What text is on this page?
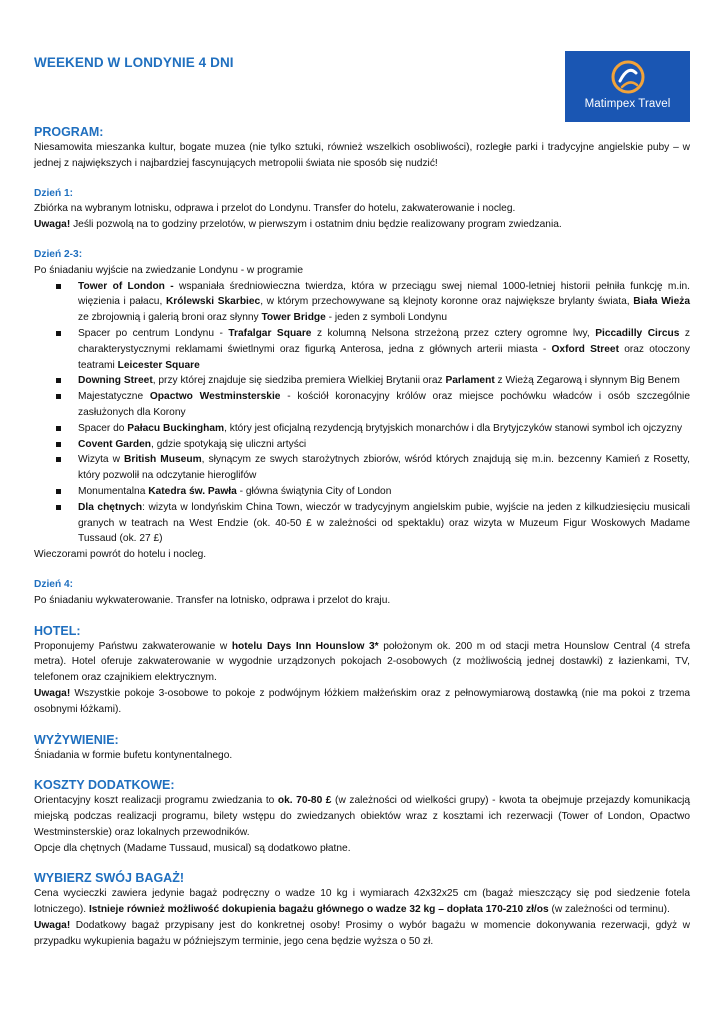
WEEKEND W LONDYNIE 4 DNI
Matimpex Travel
PROGRAM:

Niesamowita mieszanka kultur, bogate muzea (nie tylko sztuki, również wszelkich osobliwości), rozległe parki i tradycyjne angielskie puby – w jednej z największych i najbardziej fascynujących metropolii świata nie sposób się nudzić!

Dzień 1:

Zbiórka na wybranym lotnisku, odprawa i przelot do Londynu. Transfer do hotelu, zakwaterowanie i nocleg.

Uwaga! Jeśli pozwolą na to godziny przelotów, w pierwszym i ostatnim dniu będzie realizowany program zwiedzania.

Dzień 2-3:

Po śniadaniu wyjście na zwiedzanie Londynu - w programie

Tower of London - wspaniała średniowieczna twierdza, która w przeciągu swej niemal 1000-letniej historii pełniła funkcję m.in. więzienia i pałacu, Królewski Skarbiec, w którym przechowywane są klejnoty koronne oraz największe brylanty świata, Biała Wieża ze zbrojownią i galerią broni oraz słynny Tower Bridge - jeden z symboli Londynu
Spacer po centrum Londynu - Trafalgar Square z kolumną Nelsona strzeżoną przez cztery ogromne lwy, Piccadilly Circus z charakterystycznymi reklamami świetlnymi oraz figurką Anterosa, jedna z głównych arterii miasta - Oxford Street oraz otoczony teatrami Leicester Square
Downing Street, przy której znajduje się siedziba premiera Wielkiej Brytanii oraz Parlament z Wieżą Zegarową i słynnym Big Benem
Majestatyczne Opactwo Westminsterskie - kościół koronacyjny królów oraz miejsce pochówku władców i osób szczególnie zasłużonych dla Korony
Spacer do Pałacu Buckingham, który jest oficjalną rezydencją brytyjskich monarchów i dla Brytyjczyków stanowi symbol ich ojczyzny
Covent Garden, gdzie spotykają się uliczni artyści
Wizyta w British Museum, słynącym ze swych starożytnych zbiorów, wśród których znajdują się m.in. bezcenny Kamień z Rosetty, który pozwolił na odczytanie hieroglifów
Monumentalna Katedra św. Pawła - główna świątynia City of London
Dla chętnych: wizyta w londyńskim China Town, wieczór w tradycyjnym angielskim pubie, wyjście na jeden z kilkudziesięciu musicali granych w teatrach na West Endzie (ok. 40-50 £ w zależności od spektaklu) oraz wizyta w Muzeum Figur Woskowych Madame Tussaud (ok. 27 £)

Wieczorami powrót do hotelu i nocleg.

Dzień 4:

Po śniadaniu wykwaterowanie. Transfer na lotnisko, odprawa i przelot do kraju.

HOTEL:

Proponujemy Państwu zakwaterowanie w hotelu Days Inn Hounslow 3* położonym ok. 200 m od stacji metra Hounslow Central (4 strefa metra). Hotel oferuje zakwaterowanie w wygodnie urządzonych pokojach 2-osobowych (z możliwością jednej dostawki) z łazienkami, TV, telefonem oraz czajnikiem elektrycznym.

Uwaga! Wszystkie pokoje 3-osobowe to pokoje z podwójnym łóżkiem małżeńskim oraz z pełnowymiarową dostawką (nie ma pokoi z trzema osobnymi łóżkami).

WYŻYWIENIE:

Śniadania w formie bufetu kontynentalnego.

KOSZTY DODATKOWE:

Orientacyjny koszt realizacji programu zwiedzania to ok. 70-80 £ (w zależności od wielkości grupy) - kwota ta obejmuje przejazdy komunikacją miejską podczas realizacji programu, bilety wstępu do zwiedzanych obiektów wraz z kosztami ich rezerwacji (Tower of London, Opactwo Westminsterskie) oraz lokalnych przewodników.

Opcje dla chętnych (Madame Tussaud, musical) są dodatkowo płatne.

WYBIERZ SWÓJ BAGAŻ!

Cena wycieczki zawiera jedynie bagaż podręczny o wadze 10 kg i wymiarach 42x32x25 cm (bagaż mieszczący się pod siedzenie fotela lotniczego). Istnieje również możliwość dokupienia bagażu głównego o wadze 32 kg – dopłata 170-210 zł/os (w zależności od terminu).

Uwaga! Dodatkowy bagaż przypisany jest do konkretnej osoby! Prosimy o wybór bagażu w momencie dokonywania rezerwacji, gdyż w przypadku wykupienia bagażu w późniejszym terminie, jego cena będzie wyższa o 50 zł.
